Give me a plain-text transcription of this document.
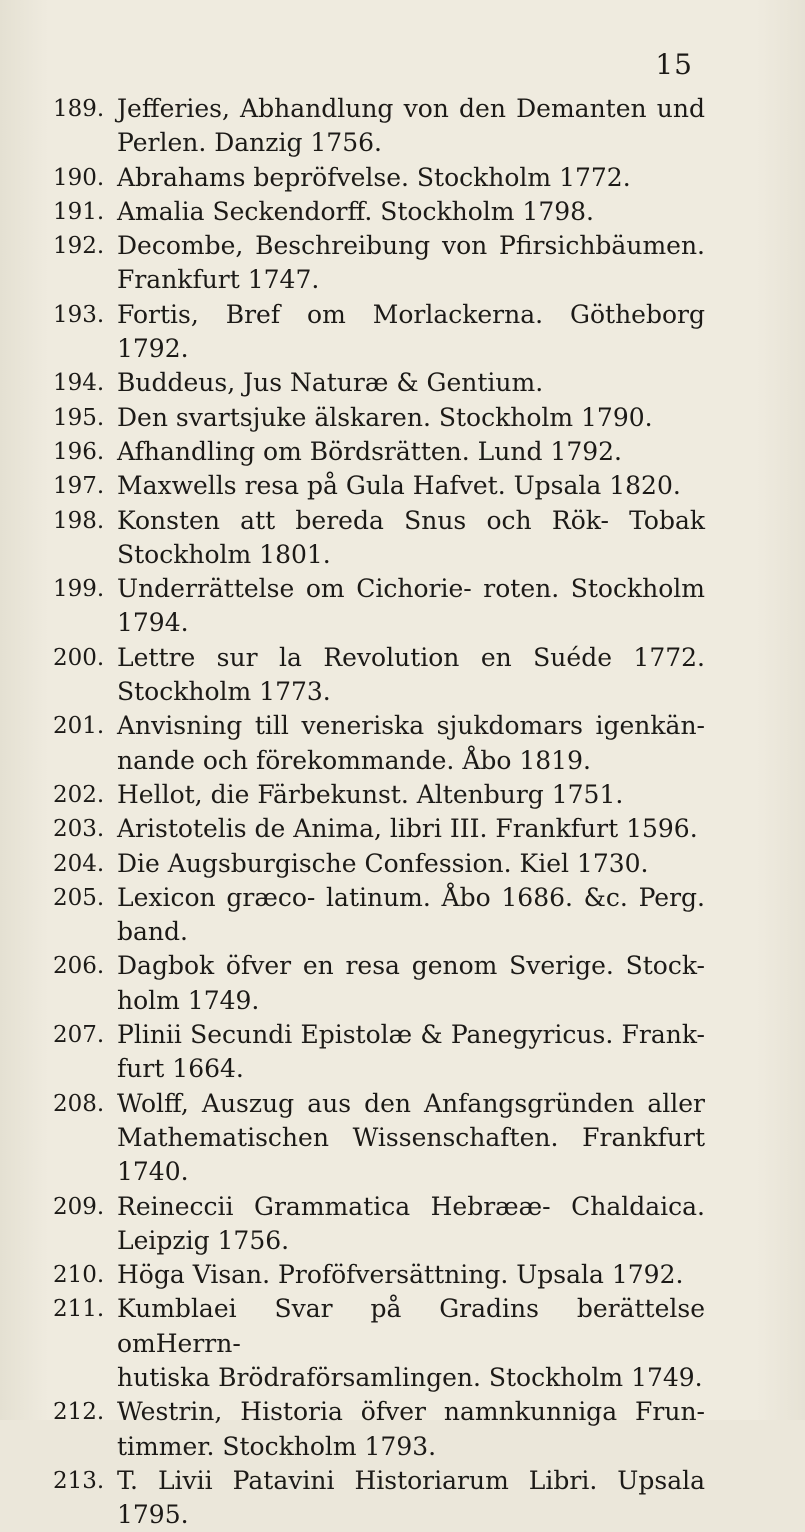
15
189. Jefferies, Abhandlung von den Demanten und
Perlen. Danzig 1756.
190. Abrahams bepröfvelse. Stockholm 1772.
191. Amalia Seckendorff. Stockholm 1798.
192. Decombe, Beschreibung von Pfirsichbäumen.
Frankfurt 1747.
193. Fortis, Bref om Morlackerna. Götheborg
1792.
194. Buddeus, Jus Naturæ & Gentium.
195. Den svartsjuke älskaren. Stockholm 1790.
196. Afhandling om Bördsrätten. Lund 1792.
197. Maxwells resa på Gula Hafvet. Upsala 1820.
198. Konsten att bereda Snus och Rök- Tobak
Stockholm 1801.
199. Underrättelse om Cichorie- roten. Stockholm
1794.
200. Lettre sur la Revolution en Suéde 1772.
Stockholm 1773.
201. Anvisning till veneriska sjukdomars igenkän-
nande och förekommande. Åbo 1819.
202. Hellot, die Färbekunst. Altenburg 1751.
203. Aristotelis de Anima, libri III. Frankfurt 1596.
204. Die Augsburgische Confession. Kiel 1730.
205. Lexicon græco- latinum. Åbo 1686. &c. Perg.
band.
206. Dagbok öfver en resa genom Sverige. Stock-
holm 1749.
207. Plinii Secundi Epistolæ & Panegyricus. Frank-
furt 1664.
208. Wolff, Auszug aus den Anfangsgründen aller
Mathematischen Wissenschaften. Frankfurt
1740.
209. Reineccii Grammatica Hebrææ- Chaldaica.
Leipzig 1756.
210. Höga Visan. Proföfversättning. Upsala 1792.
211. Kumblaei Svar på Gradins berättelse omHerrn-
hutiska Brödraförsamlingen. Stockholm 1749.
212. Westrin, Historia öfver namnkunniga Frun-
timmer. Stockholm 1793.
213. T. Livii Patavini Historiarum Libri. Upsala
1795.
